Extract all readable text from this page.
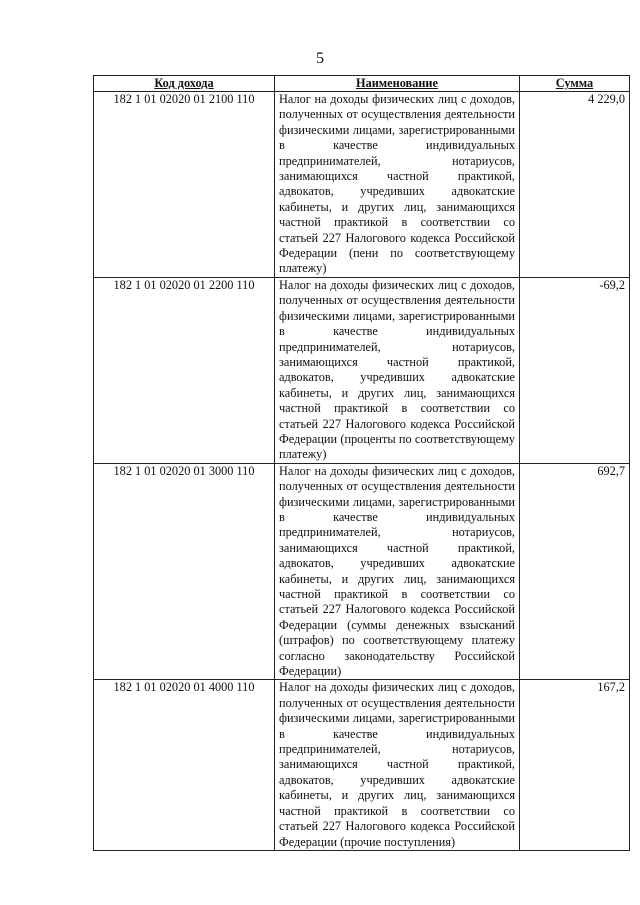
5
Код дохода	Наименование	Сумма
182 1 01 02020 01 2100 110	Налог на доходы физических лиц с доходов, полученных от осуществления деятельности физическими лицами, зарегистрированными в качестве индивидуальных предпринимателей, нотариусов, занимающихся частной практикой, адвокатов, учредивших адвокатские кабинеты, и других лиц, занимающихся частной практикой в соответствии со статьей 227 Налогового кодекса Российской Федерации (пени по соответствующему платежу)	4 229,0
182 1 01 02020 01 2200 110	Налог на доходы физических лиц с доходов, полученных от осуществления деятельности физическими лицами, зарегистрированными в качестве индивидуальных предпринимателей, нотариусов, занимающихся частной практикой, адвокатов, учредивших адвокатские кабинеты, и других лиц, занимающихся частной практикой в соответствии со статьей 227 Налогового кодекса Российской Федерации (проценты по соответствующему платежу)	-69,2
182 1 01 02020 01 3000 110	Налог на доходы физических лиц с доходов, полученных от осуществления деятельности физическими лицами, зарегистрированными в качестве индивидуальных предпринимателей, нотариусов, занимающихся частной практикой, адвокатов, учредивших адвокатские кабинеты, и других лиц, занимающихся частной практикой в соответствии со статьей 227 Налогового кодекса Российской Федерации (суммы денежных взысканий (штрафов) по соответствующему платежу согласно законодательству Российской Федерации)	692,7
182 1 01 02020 01 4000 110	Налог на доходы физических лиц с доходов, полученных от осуществления деятельности физическими лицами, зарегистрированными в качестве индивидуальных предпринимателей, нотариусов, занимающихся частной практикой, адвокатов, учредивших адвокатские кабинеты, и других лиц, занимающихся частной практикой в соответствии со статьей 227 Налогового кодекса Российской Федерации (прочие поступления)	167,2
